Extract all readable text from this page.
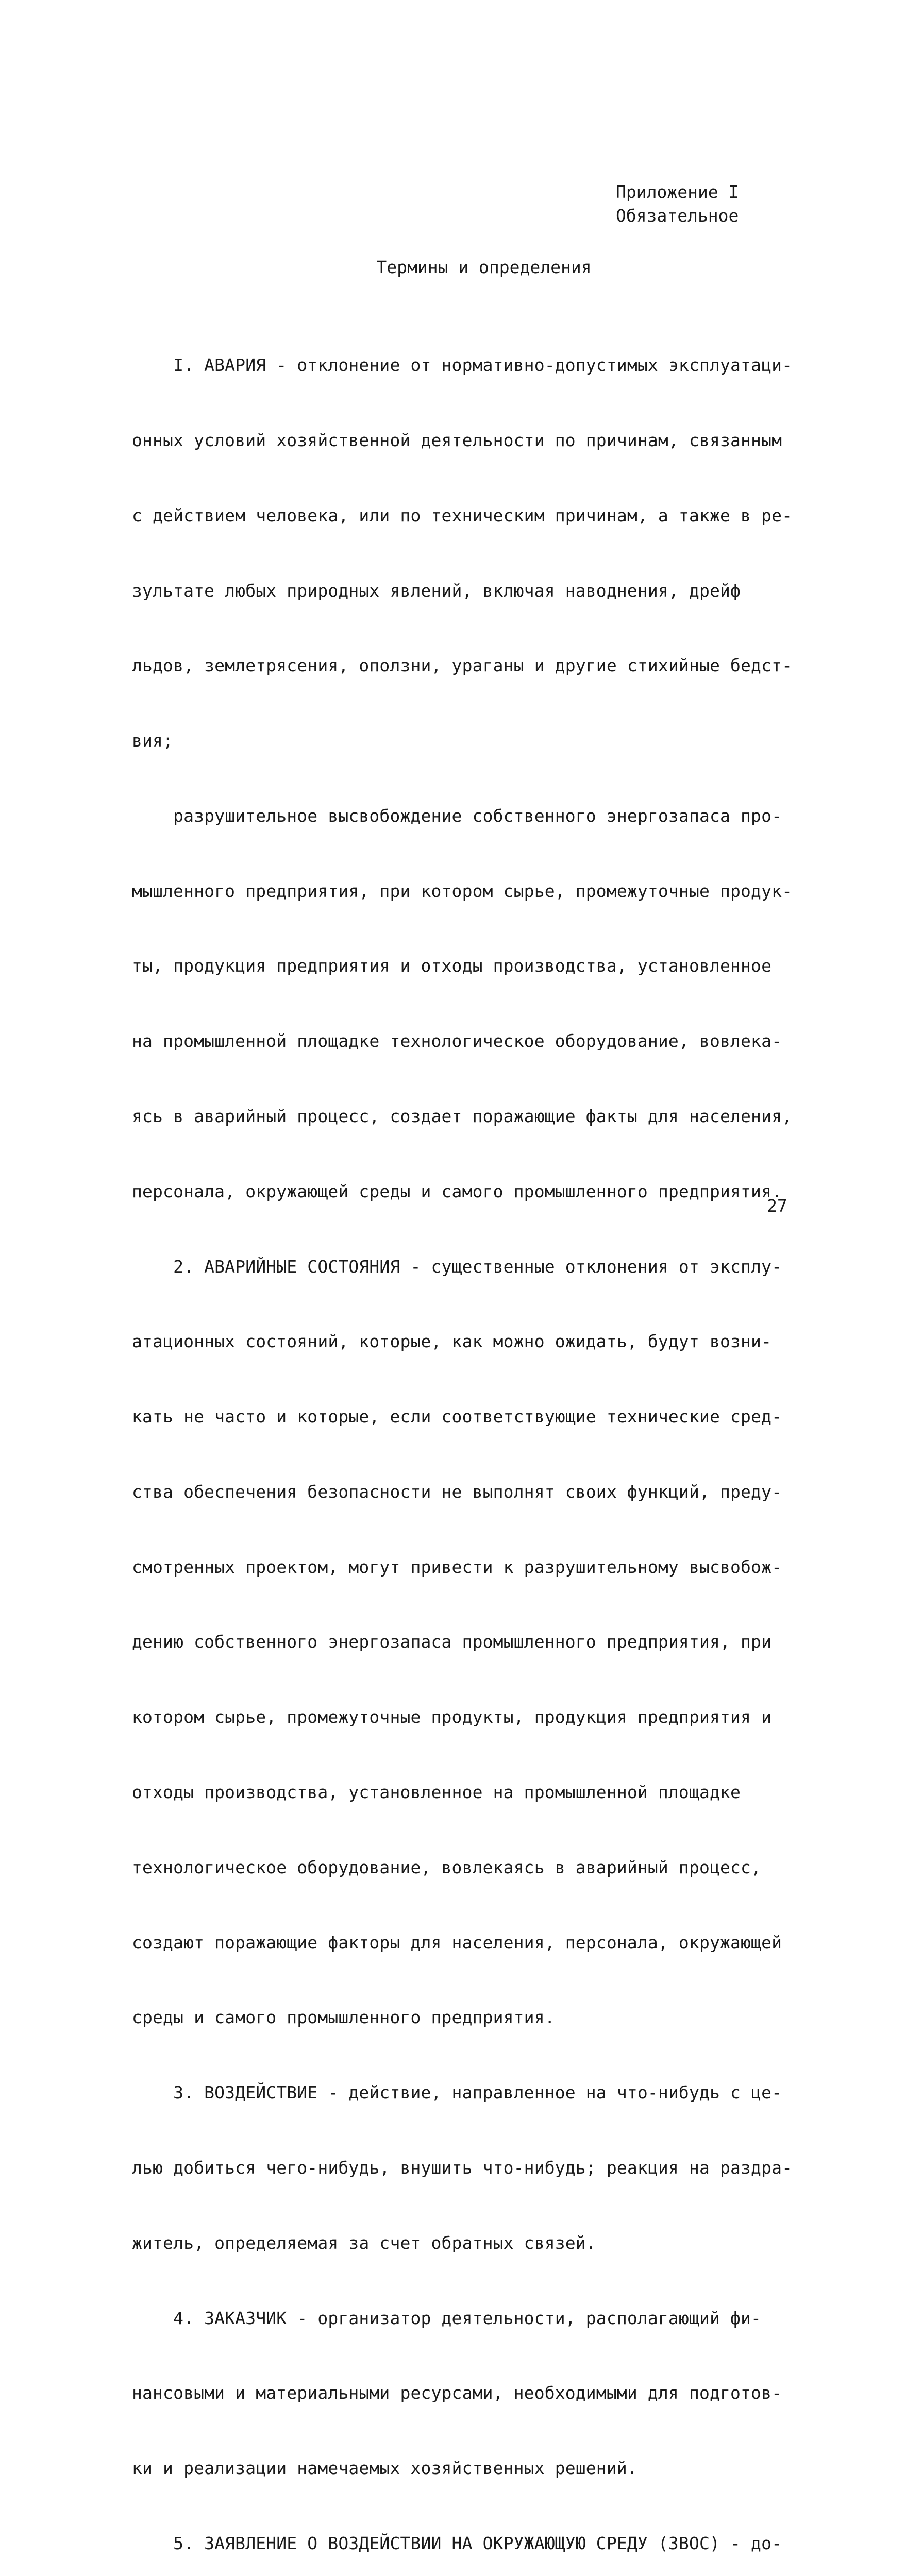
Приложение I
Обязательное
Термины и определения

I. АВАРИЯ - отклонение от нормативно-допустимых эксплуатаци-

онных условий хозяйственной деятельности по причинам, связанным

с действием человека, или по техническим причинам, а также в ре-

зультате любых природных явлений, включая наводнения, дрейф

льдов, землетрясения, оползни, ураганы и другие стихийные бедст-

вия;

разрушительное высвобождение собственного энергозапаса про-

мышленного предприятия, при котором сырье, промежуточные продук-

ты, продукция предприятия и отходы производства, установленное

на промышленной площадке технологическое оборудование, вовлека-

ясь в аварийный процесс, создает поражающие факты для населения,

персонала, окружающей среды и самого промышленного предприятия.

2. АВАРИЙНЫЕ СОСТОЯНИЯ - существенные отклонения от эксплу-

атационных состояний, которые, как можно ожидать, будут возни-

кать не часто и которые, если соответствующие технические сред-

ства обеспечения безопасности не выполнят своих функций, преду-

смотренных проектом, могут привести к разрушительному высвобож-

дению собственного энергозапаса промышленного предприятия, при

котором сырье, промежуточные продукты, продукция предприятия и

отходы производства, установленное на промышленной площадке

технологическое оборудование, вовлекаясь в аварийный процесс,

создают поражающие факторы для населения, персонала, окружающей

среды и самого промышленного предприятия.

3. ВОЗДЕЙСТВИЕ - действие, направленное на что-нибудь с це-

лью добиться чего-нибудь, внушить что-нибудь; реакция на раздра-

житель, определяемая за счет обратных связей.

4. ЗАКАЗЧИК - организатор деятельности, располагающий фи-

нансовыми и материальными ресурсами, необходимыми для подготов-

ки и реализации намечаемых хозяйственных решений.

5. ЗАЯВЛЕНИЕ О ВОЗДЕЙСТВИИ НА ОКРУЖАЮЩУЮ СРЕДУ (ЗВОС) - до-

27
